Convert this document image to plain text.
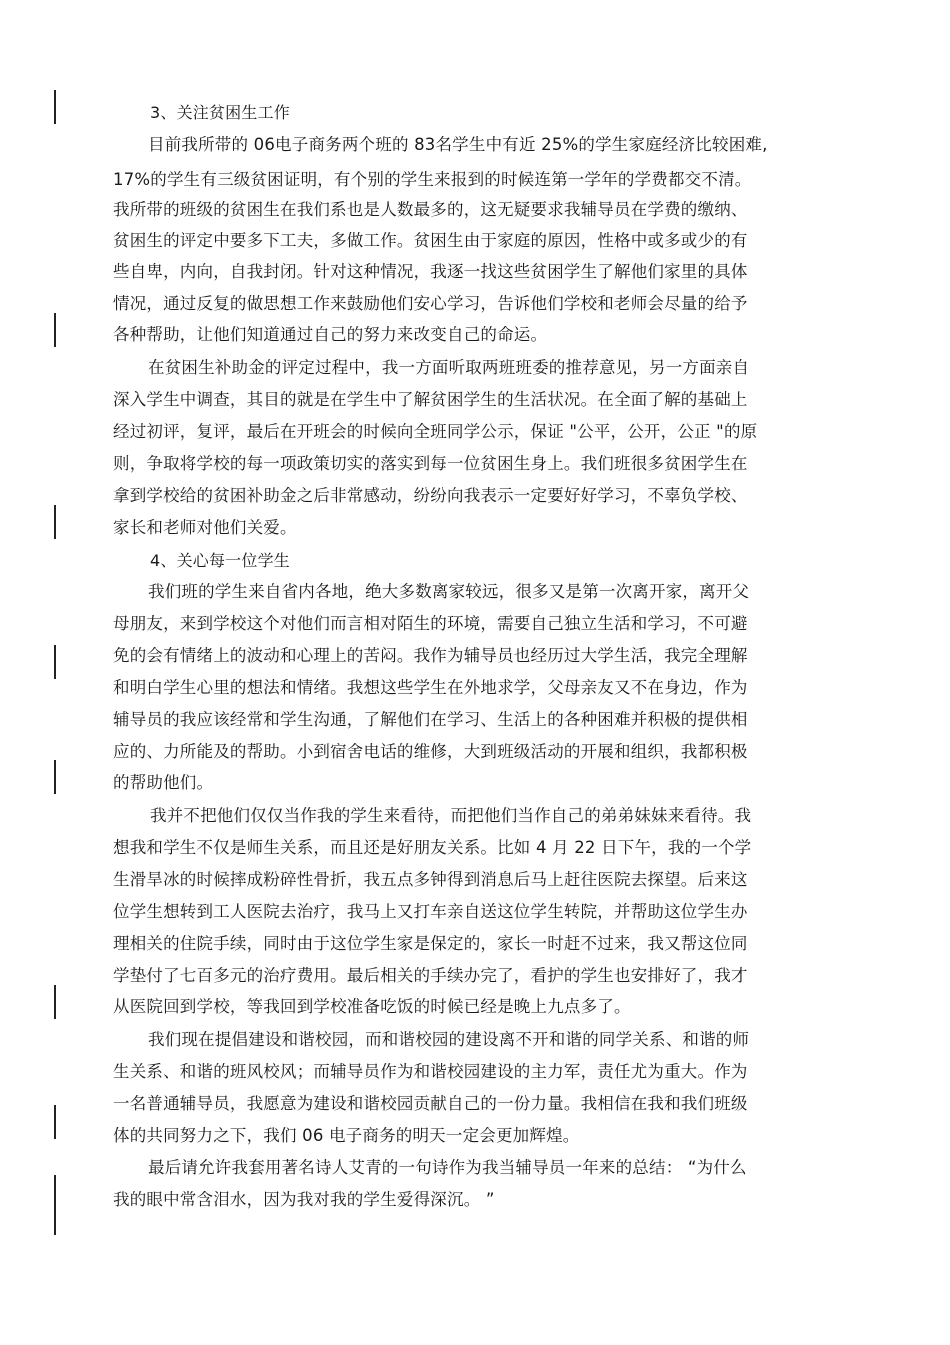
3、关注贫困生工作
目前我所带的 06电子商务两个班的 83名学生中有近 25%的学生家庭经济比较困难,
17%的学生有三级贫困证明，有个别的学生来报到的时候连第一学年的学费都交不清。
我所带的班级的贫困生在我们系也是人数最多的，这无疑要求我辅导员在学费的缴纳、
贫困生的评定中要多下工夫，多做工作。贫困生由于家庭的原因，性格中或多或少的有
些自卑，内向，自我封闭。针对这种情况，我逐一找这些贫困学生了解他们家里的具体
情况，通过反复的做思想工作来鼓励他们安心学习，告诉他们学校和老师会尽量的给予
各种帮助，让他们知道通过自己的努力来改变自己的命运。
在贫困生补助金的评定过程中，我一方面听取两班班委的推荐意见，另一方面亲自
深入学生中调查，其目的就是在学生中了解贫困学生的生活状况。在全面了解的基础上
经过初评，复评，最后在开班会的时候向全班同学公示，保证 "公平，公开，公正 "的原
则，争取将学校的每一项政策切实的落实到每一位贫困生身上。我们班很多贫困学生在
拿到学校给的贫困补助金之后非常感动，纷纷向我表示一定要好好学习，不辜负学校、
家长和老师对他们关爱。
4、关心每一位学生
我们班的学生来自省内各地，绝大多数离家较远，很多又是第一次离开家，离开父
母朋友，来到学校这个对他们而言相对陌生的环境，需要自己独立生活和学习，不可避
免的会有情绪上的波动和心理上的苦闷。我作为辅导员也经历过大学生活，我完全理解
和明白学生心里的想法和情绪。我想这些学生在外地求学，父母亲友又不在身边，作为
辅导员的我应该经常和学生沟通，了解他们在学习、生活上的各种困难并积极的提供相
应的、力所能及的帮助。小到宿舍电话的维修，大到班级活动的开展和组织，我都积极
的帮助他们。
我并不把他们仅仅当作我的学生来看待，而把他们当作自己的弟弟妹妹来看待。我
想我和学生不仅是师生关系，而且还是好朋友关系。比如 4 月 22 日下午，我的一个学
生滑旱冰的时候摔成粉碎性骨折，我五点多钟得到消息后马上赶往医院去探望。后来这
位学生想转到工人医院去治疗，我马上又打车亲自送这位学生转院，并帮助这位学生办
理相关的住院手续，同时由于这位学生家是保定的，家长一时赶不过来，我又帮这位同
学垫付了七百多元的治疗费用。最后相关的手续办完了，看护的学生也安排好了，我才
从医院回到学校，等我回到学校准备吃饭的时候已经是晚上九点多了。
我们现在提倡建设和谐校园，而和谐校园的建设离不开和谐的同学关系、和谐的师
生关系、和谐的班风校风；而辅导员作为和谐校园建设的主力军，责任尤为重大。作为
一名普通辅导员，我愿意为建设和谐校园贡献自己的一份力量。我相信在我和我们班级
体的共同努力之下，我们 06 电子商务的明天一定会更加辉煌。
最后请允许我套用著名诗人艾青的一句诗作为我当辅导员一年来的总结： “为什么
我的眼中常含泪水，因为我对我的学生爱得深沉。 ”
